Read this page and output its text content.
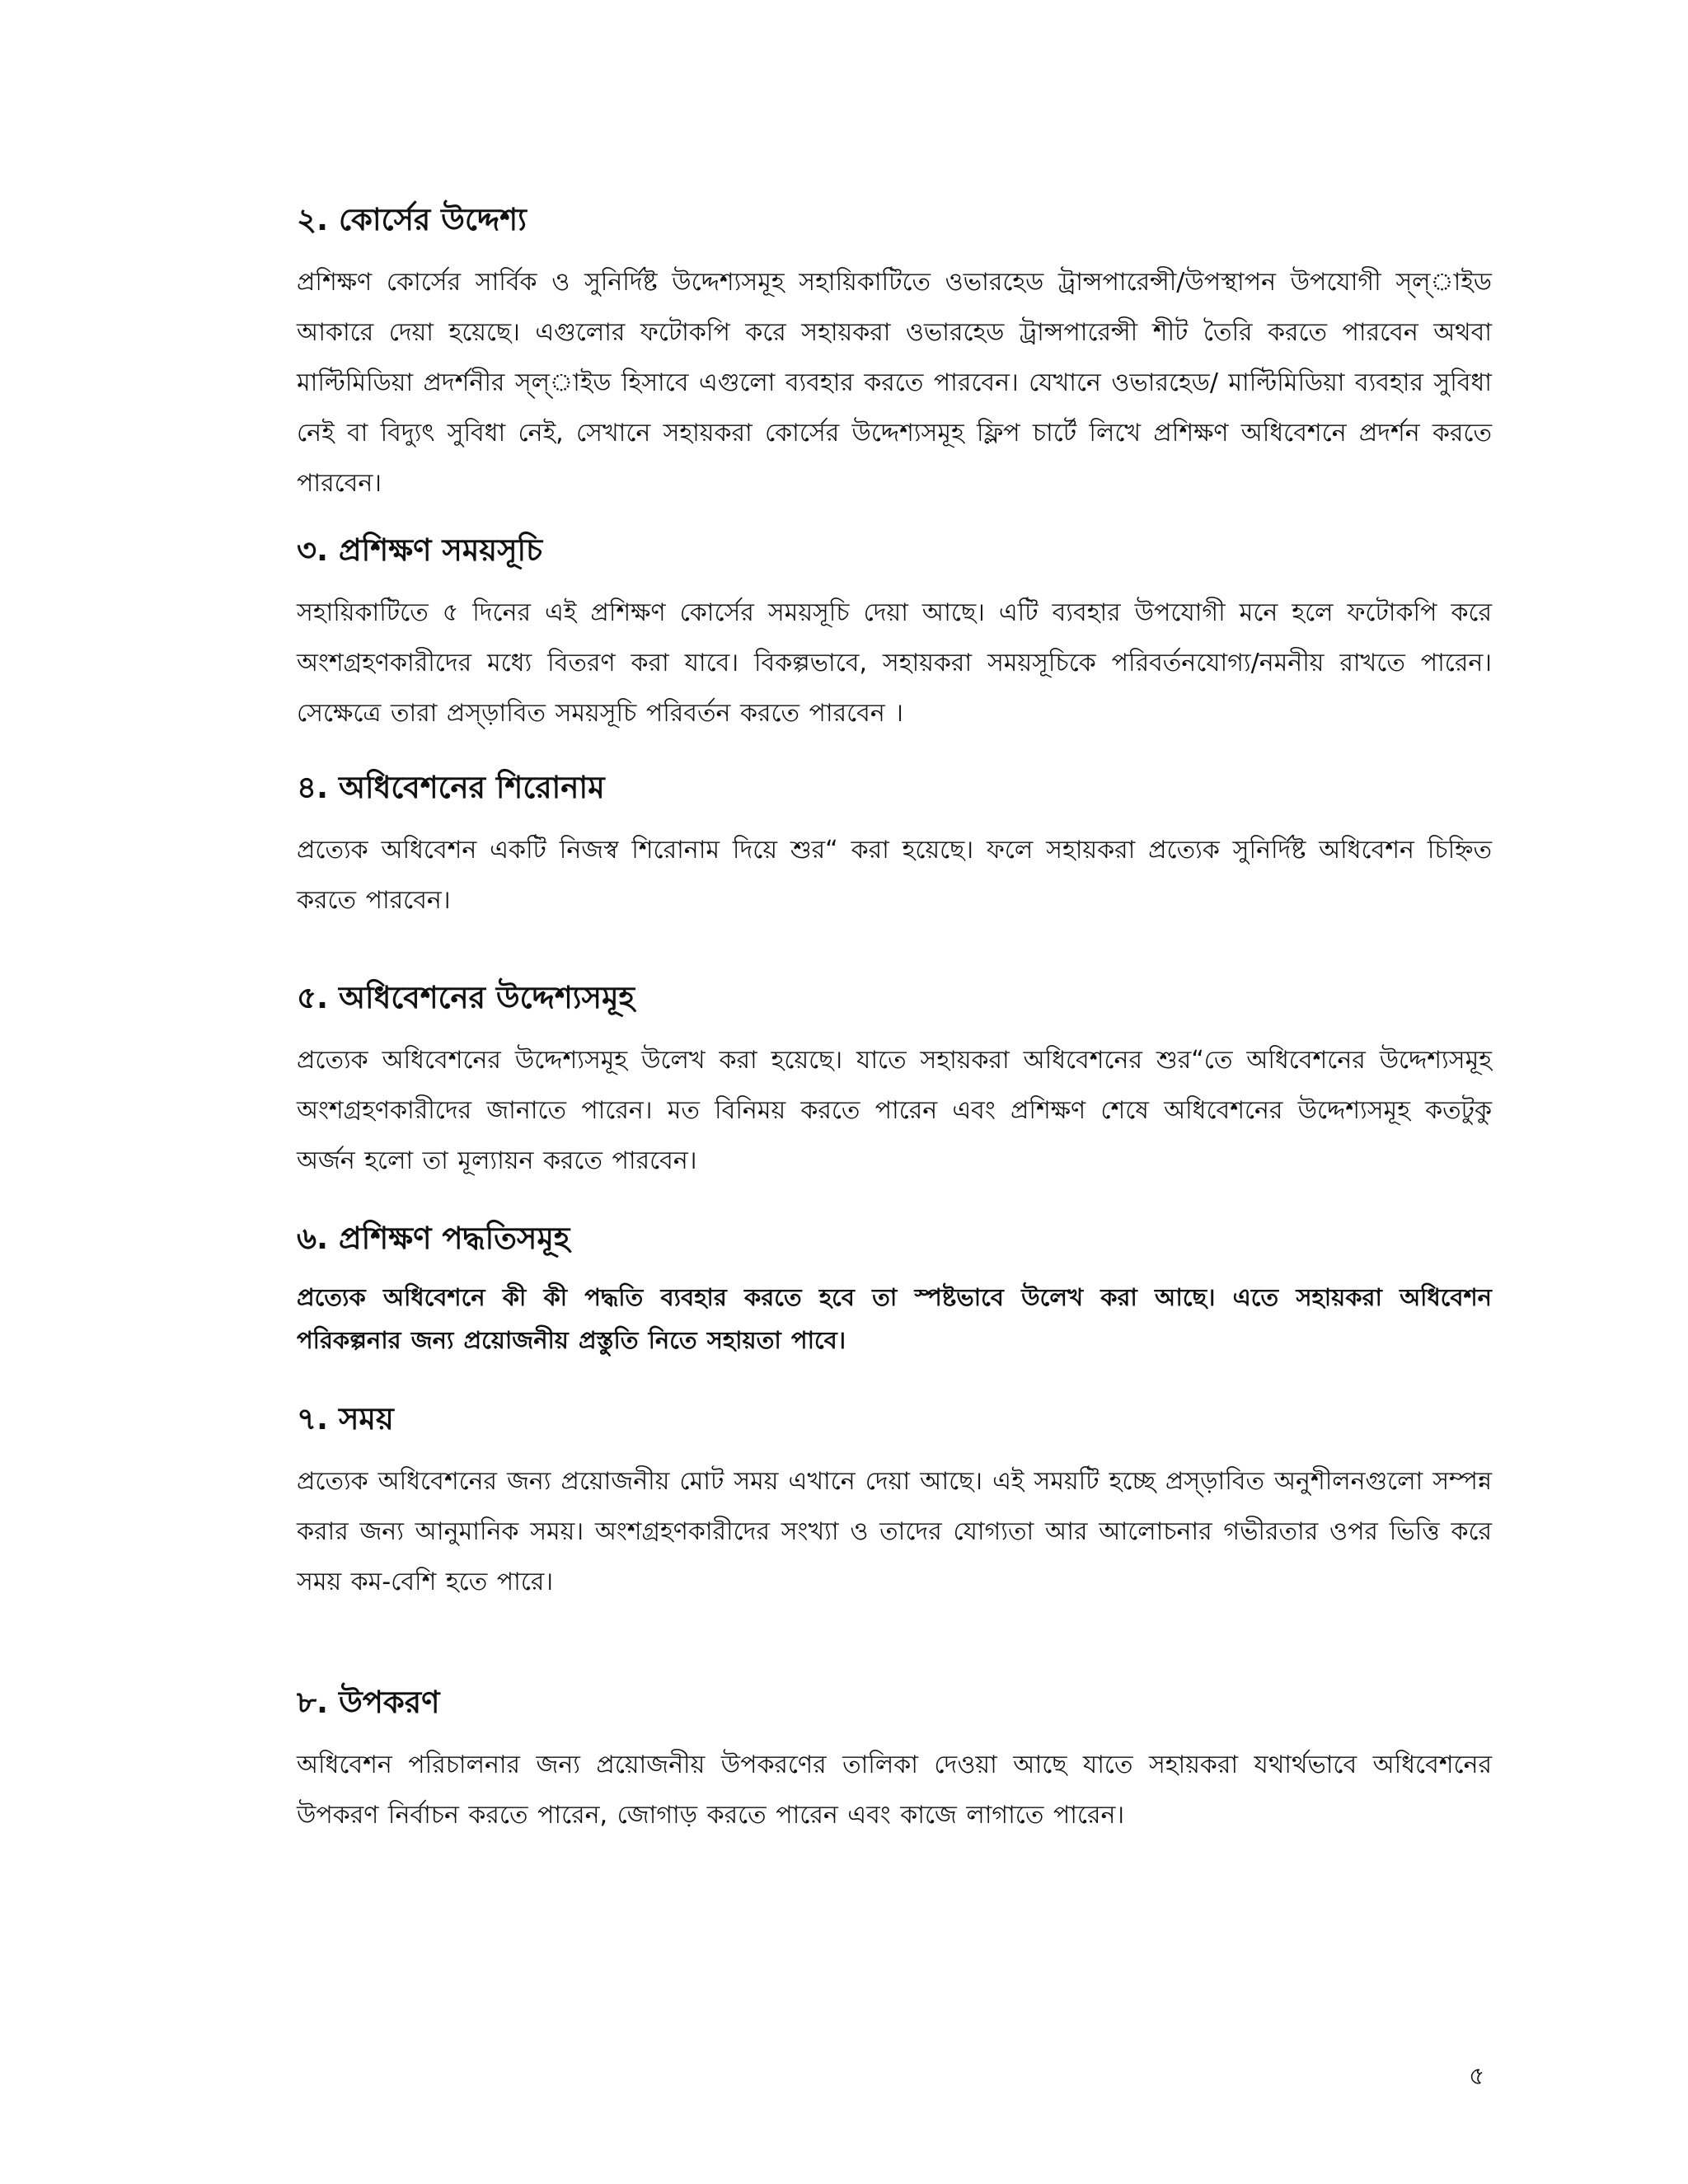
২. কোর্সের উদ্দেশ্য

প্রশিক্ষণ কোর্সের সার্বিক ও সুনির্দিষ্ট উদ্দেশ্যসমূহ সহায়িকাটিতে ওভারহেড ট্রান্সপারেন্সী/উপস্থাপন উপযোগী স্ল্‌াইড আকারে দেয়া হয়েছে। এগুলোর ফটোকপি করে সহায়করা ওভারহেড ট্রান্সপারেন্সী শীট তৈরি করতে পারবেন অথবা মাল্টিমিডিয়া প্রদর্শনীর স্ল্‌াইড হিসাবে এগুলো ব্যবহার করতে পারবেন। যেখানে ওভারহেড/ মাল্টিমিডিয়া ব্যবহার সুবিধা নেই বা বিদ্যুৎ সুবিধা নেই, সেখানে সহায়করা কোর্সের উদ্দেশ্যসমূহ ফ্লিপ চার্টে লিখে প্রশিক্ষণ অধিবেশনে প্রদর্শন করতে পারবেন।

৩. প্রশিক্ষণ সময়সূচি

সহায়িকাটিতে ৫ দিনের এই প্রশিক্ষণ কোর্সের সময়সূচি দেয়া আছে। এটি ব্যবহার উপযোগী মনে হলে ফটোকপি করে অংশগ্রহণকারীদের মধ্যে বিতরণ করা যাবে। বিকল্পভাবে, সহায়করা সময়সূচিকে পরিবর্তনযোগ্য/নমনীয় রাখতে পারেন। সেক্ষেত্রে তারা প্রস্ড়াবিত সময়সূচি পরিবর্তন করতে পারবেন ।

৪. অধিবেশনের শিরোনাম

প্রত্যেক অধিবেশন একটি নিজস্ব শিরোনাম দিয়ে শুর“ করা হয়েছে। ফলে সহায়করা প্রত্যেক সুনির্দিষ্ট অধিবেশন চিহ্নিত করতে পারবেন।

৫. অধিবেশনের উদ্দেশ্যসমূহ

প্রত্যেক অধিবেশনের উদ্দেশ্যসমূহ উলেখ করা হয়েছে। যাতে সহায়করা অধিবেশনের শুর“তে অধিবেশনের উদ্দেশ্যসমূহ অংশগ্রহণকারীদের জানাতে পারেন। মত বিনিময় করতে পারেন এবং প্রশিক্ষণ শেষে অধিবেশনের উদ্দেশ্যসমূহ কতটুকু অর্জন হলো তা মূল্যায়ন করতে পারবেন।

৬. প্রশিক্ষণ পদ্ধতিসমূহ

প্রত্যেক অধিবেশনে কী কী পদ্ধতি ব্যবহার করতে হবে তা স্পষ্টভাবে উলেখ করা আছে। এতে সহায়করা অধিবেশন পরিকল্পনার জন্য প্রয়োজনীয় প্রস্তুতি নিতে সহায়তা পাবে।

৭. সময়

প্রত্যেক অধিবেশনের জন্য প্রয়োজনীয় মোট সময় এখানে দেয়া আছে। এই সময়টি হচ্ছে প্রস্ড়াবিত অনুশীলনগুলো সম্পন্ন করার জন্য আনুমানিক সময়। অংশগ্রহণকারীদের সংখ্যা ও তাদের যোগ্যতা আর আলোচনার গভীরতার ওপর ভিত্তি করে সময় কম-বেশি হতে পারে।

৮. উপকরণ

অধিবেশন পরিচালনার জন্য প্রয়োজনীয় উপকরণের তালিকা দেওয়া আছে যাতে সহায়করা যথার্থভাবে অধিবেশনের উপকরণ নির্বাচন করতে পারেন, জোগাড় করতে পারেন এবং কাজে লাগাতে পারেন।

৫
